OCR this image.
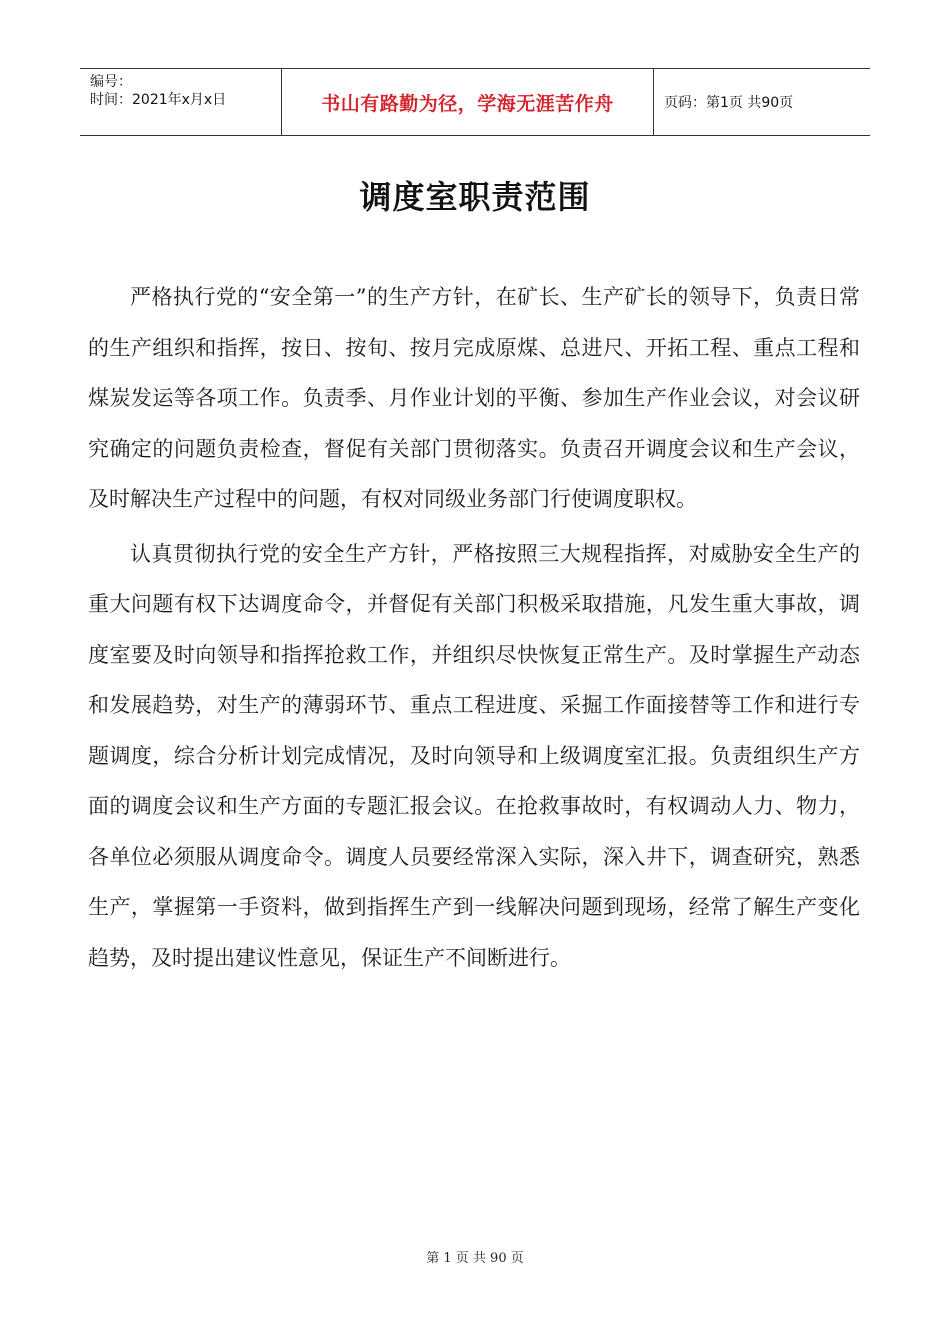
编号：
时间：2021年x月x日	书山有路勤为径，学海无涯苦作舟	页码：第1页 共90页
调度室职责范围

严格执行党的“安全第一”的生产方针，在矿长、生产矿长的领导下，负责日常的生产组织和指挥，按日、按旬、按月完成原煤、总进尺、开拓工程、重点工程和煤炭发运等各项工作。负责季、月作业计划的平衡、参加生产作业会议，对会议研究确定的问题负责检查，督促有关部门贯彻落实。负责召开调度会议和生产会议，及时解决生产过程中的问题，有权对同级业务部门行使调度职权。

认真贯彻执行党的安全生产方针，严格按照三大规程指挥，对威胁安全生产的重大问题有权下达调度命令，并督促有关部门积极采取措施，凡发生重大事故，调度室要及时向领导和指挥抢救工作，并组织尽快恢复正常生产。及时掌握生产动态和发展趋势，对生产的薄弱环节、重点工程进度、采掘工作面接替等工作和进行专题调度，综合分析计划完成情况，及时向领导和上级调度室汇报。负责组织生产方面的调度会议和生产方面的专题汇报会议。在抢救事故时，有权调动人力、物力，各单位必须服从调度命令。调度人员要经常深入实际，深入井下，调查研究，熟悉生产，掌握第一手资料，做到指挥生产到一线解决问题到现场，经常了解生产变化趋势，及时提出建议性意见，保证生产不间断进行。

第 1 页 共 90 页
